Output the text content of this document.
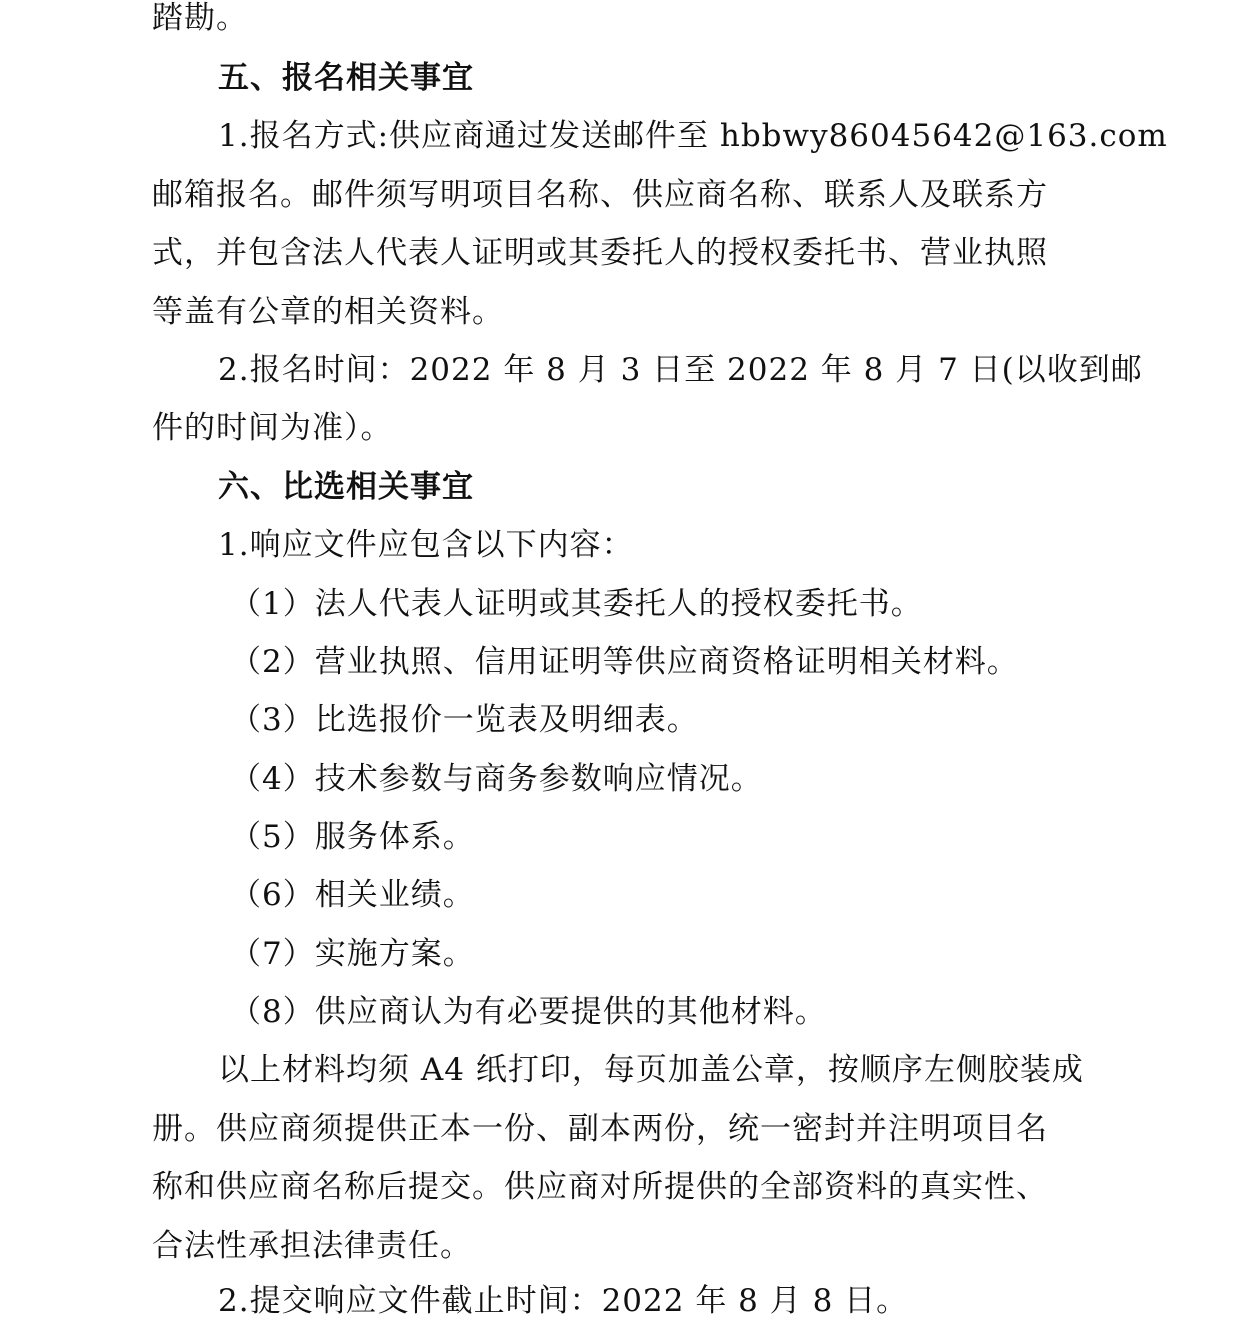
踏勘。
五、报名相关事宜
1.报名方式:供应商通过发送邮件至 hbbwy86045642@163.com
邮箱报名。邮件须写明项目名称、供应商名称、联系人及联系方
式，并包含法人代表人证明或其委托人的授权委托书、营业执照
等盖有公章的相关资料。
2.报名时间：2022 年 8 月 3 日至 2022 年 8 月 7 日(以收到邮
件的时间为准）。
六、比选相关事宜
1.响应文件应包含以下内容：
（1）法人代表人证明或其委托人的授权委托书。
（2）营业执照、信用证明等供应商资格证明相关材料。
（3）比选报价一览表及明细表。
（4）技术参数与商务参数响应情况。
（5）服务体系。
（6）相关业绩。
（7）实施方案。
（8）供应商认为有必要提供的其他材料。
以上材料均须 A4 纸打印，每页加盖公章，按顺序左侧胶装成
册。供应商须提供正本一份、副本两份，统一密封并注明项目名
称和供应商名称后提交。供应商对所提供的全部资料的真实性、
合法性承担法律责任。
2.提交响应文件截止时间：2022 年 8 月 8 日。
